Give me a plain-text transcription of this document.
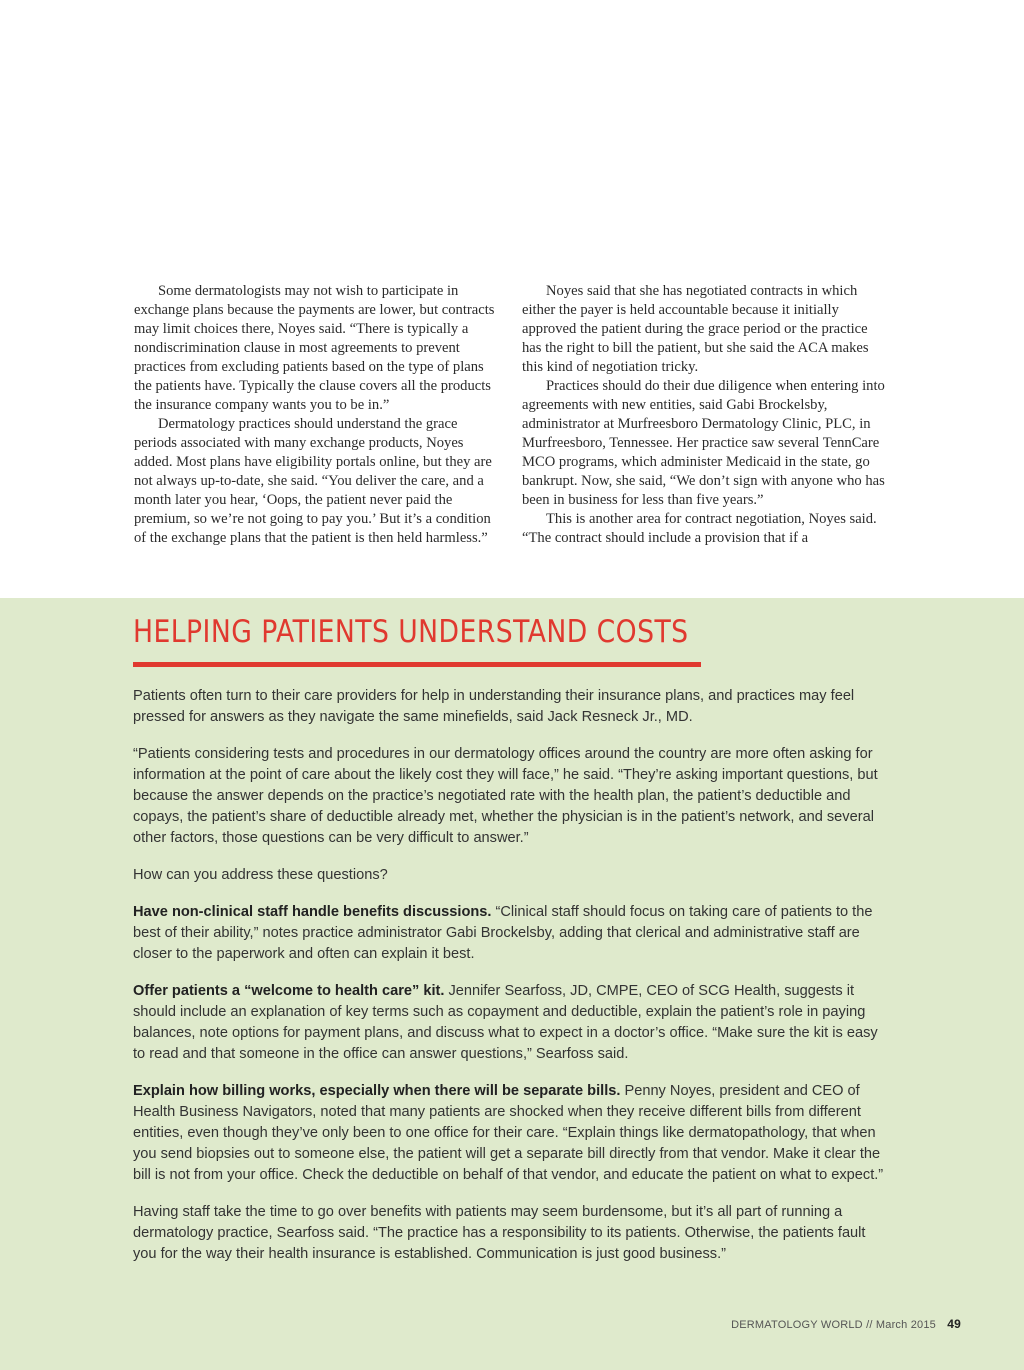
Some dermatologists may not wish to participate in exchange plans because the payments are lower, but contracts may limit choices there, Noyes said. “There is typically a nondiscrimination clause in most agreements to prevent practices from excluding patients based on the type of plans the patients have. Typically the clause covers all the products the insurance company wants you to be in.”

Dermatology practices should understand the grace periods associated with many exchange products, Noyes added. Most plans have eligibility portals online, but they are not always up-to-date, she said. “You deliver the care, and a month later you hear, ‘Oops, the patient never paid the premium, so we’re not going to pay you.’ But it’s a condition of the exchange plans that the patient is then held harmless.”

Noyes said that she has negotiated contracts in which either the payer is held accountable because it initially approved the patient during the grace period or the practice has the right to bill the patient, but she said the ACA makes this kind of negotiation tricky.

Practices should do their due diligence when entering into agreements with new entities, said Gabi Brockelsby, administrator at Murfreesboro Dermatology Clinic, PLC, in Murfreesboro, Tennessee. Her practice saw several TennCare MCO programs, which administer Medicaid in the state, go bankrupt. Now, she said, “We don’t sign with anyone who has been in business for less than five years.”

This is another area for contract negotiation, Noyes said. “The contract should include a provision that if a

HELPING PATIENTS UNDERSTAND COSTS

Patients often turn to their care providers for help in understanding their insurance plans, and practices may feel pressed for answers as they navigate the same minefields, said Jack Resneck Jr., MD.

“Patients considering tests and procedures in our dermatology offices around the country are more often asking for information at the point of care about the likely cost they will face,” he said. “They’re asking important questions, but because the answer depends on the practice’s negotiated rate with the health plan, the patient’s deductible and copays, the patient’s share of deductible already met, whether the physician is in the patient’s network, and several other factors, those questions can be very difficult to answer.”

How can you address these questions?

Have non-clinical staff handle benefits discussions. “Clinical staff should focus on taking care of patients to the best of their ability,” notes practice administrator Gabi Brockelsby, adding that clerical and administrative staff are closer to the paperwork and often can explain it best.

Offer patients a “welcome to health care” kit. Jennifer Searfoss, JD, CMPE, CEO of SCG Health, suggests it should include an explanation of key terms such as copayment and deductible, explain the patient’s role in paying balances, note options for payment plans, and discuss what to expect in a doctor’s office. “Make sure the kit is easy to read and that someone in the office can answer questions,” Searfoss said.

Explain how billing works, especially when there will be separate bills. Penny Noyes, president and CEO of Health Business Navigators, noted that many patients are shocked when they receive different bills from different entities, even though they’ve only been to one office for their care. “Explain things like dermatopathology, that when you send biopsies out to someone else, the patient will get a separate bill directly from that vendor. Make it clear the bill is not from your office. Check the deductible on behalf of that vendor, and educate the patient on what to expect.”

Having staff take the time to go over benefits with patients may seem burdensome, but it’s all part of running a dermatology practice, Searfoss said. “The practice has a responsibility to its patients. Otherwise, the patients fault you for the way their health insurance is established. Communication is just good business.”

DERMATOLOGY WORLD // March 2015 49
